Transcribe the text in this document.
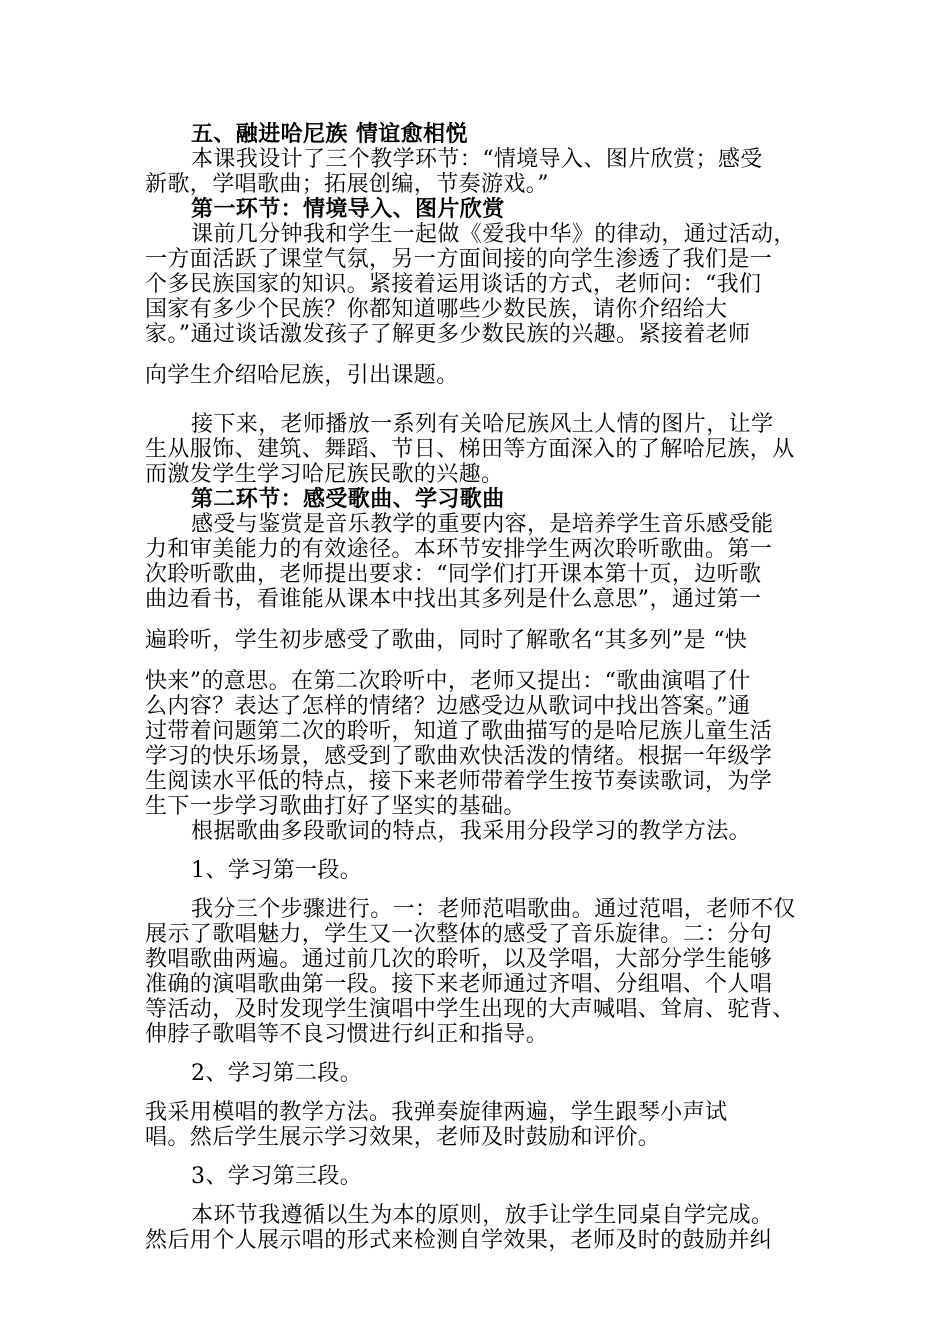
五、融进哈尼族 情谊愈相悦
本课我设计了三个教学环节：“情境导入、图片欣赏；感受
新歌，学唱歌曲；拓展创编，节奏游戏。”
第一环节：情境导入、图片欣赏
课前几分钟我和学生一起做《爱我中华》的律动，通过活动，
一方面活跃了课堂气氛，另一方面间接的向学生渗透了我们是一
个多民族国家的知识。紧接着运用谈话的方式，老师问：“我们
国家有多少个民族？你都知道哪些少数民族，请你介绍给大
家。”通过谈话激发孩子了解更多少数民族的兴趣。紧接着老师
向学生介绍哈尼族，引出课题。
接下来，老师播放一系列有关哈尼族风土人情的图片，让学
生从服饰、建筑、舞蹈、节日、梯田等方面深入的了解哈尼族，从
而激发学生学习哈尼族民歌的兴趣。
第二环节：感受歌曲、学习歌曲
感受与鉴赏是音乐教学的重要内容，是培养学生音乐感受能
力和审美能力的有效途径。本环节安排学生两次聆听歌曲。第一
次聆听歌曲，老师提出要求：“同学们打开课本第十页，边听歌
曲边看书，看谁能从课本中找出其多列是什么意思”，通过第一
遍聆听，学生初步感受了歌曲，同时了解歌名“其多列”是 “快
快来”的意思。在第二次聆听中，老师又提出：“歌曲演唱了什
么内容？表达了怎样的情绪？边感受边从歌词中找出答案。”通
过带着问题第二次的聆听，知道了歌曲描写的是哈尼族儿童生活
学习的快乐场景，感受到了歌曲欢快活泼的情绪。根据一年级学
生阅读水平低的特点，接下来老师带着学生按节奏读歌词，为学
生下一步学习歌曲打好了坚实的基础。
根据歌曲多段歌词的特点，我采用分段学习的教学方法。
1、学习第一段。
我分三个步骤进行。一：老师范唱歌曲。通过范唱，老师不仅
展示了歌唱魅力，学生又一次整体的感受了音乐旋律。二：分句
教唱歌曲两遍。通过前几次的聆听，以及学唱，大部分学生能够
准确的演唱歌曲第一段。接下来老师通过齐唱、分组唱、个人唱
等活动，及时发现学生演唱中学生出现的大声喊唱、耸肩、驼背、
伸脖子歌唱等不良习惯进行纠正和指导。
2、学习第二段。
我采用模唱的教学方法。我弹奏旋律两遍，学生跟琴小声试
唱。然后学生展示学习效果，老师及时鼓励和评价。
3、学习第三段。
本环节我遵循以生为本的原则，放手让学生同桌自学完成。
然后用个人展示唱的形式来检测自学效果，老师及时的鼓励并纠
